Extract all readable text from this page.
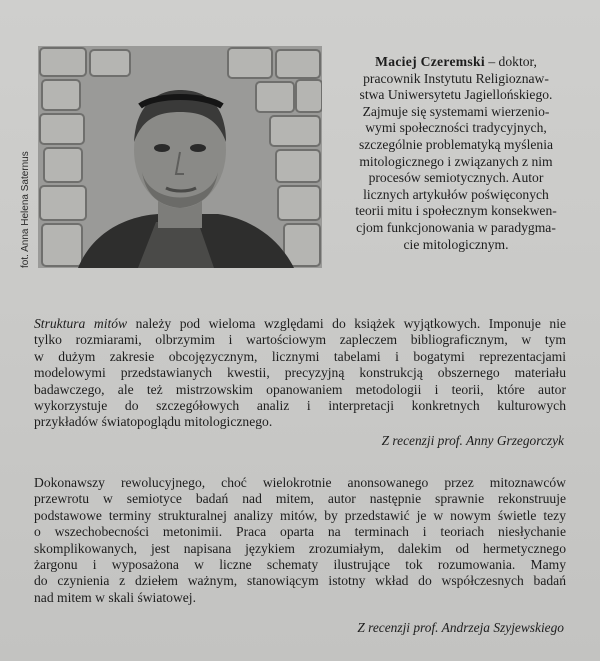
fot. Anna Helena Saternus
Maciej Czeremski – doktor,
pracownik Instytutu Religioznaw-
stwa Uniwersytetu Jagiellońskiego.
Zajmuje się systemami wierzenio-
wymi społeczności tradycyjnych,
szczególnie problematyką myślenia
mitologicznego i związanych z nim
procesów semiotycznych. Autor
licznych artykułów poświęconych
teorii mitu i społecznym konsekwen-
cjom funkcjonowania w paradygma-
cie mitologicznym.
Struktura mitów należy pod wieloma względami do książek wyjątkowych. Imponuje nie
tylko rozmiarami, olbrzymim i wartościowym zapleczem bibliograficznym, w tym
w dużym zakresie obcojęzycznym, licznymi tabelami i bogatymi reprezentacjami
modelowymi przedstawianych kwestii, precyzyjną konstrukcją obszernego materiału
badawczego, ale też mistrzowskim opanowaniem metodologii i teorii, które autor
wykorzystuje do szczegółowych analiz i interpretacji konkretnych kulturowych
przykładów światopoglądu mitologicznego.
Z recenzji prof. Anny Grzegorczyk
Dokonawszy rewolucyjnego, choć wielokrotnie anonsowanego przez mitoznawców
przewrotu w semiotyce badań nad mitem, autor następnie sprawnie rekonstruuje
podstawowe terminy strukturalnej analizy mitów, by przedstawić je w nowym świetle tezy
o wszechobecności metonimii. Praca oparta na terminach i teoriach niesłychanie
skomplikowanych, jest napisana językiem zrozumiałym, dalekim od hermetycznego
żargonu i wyposażona w liczne schematy ilustrujące tok rozumowania. Mamy
do czynienia z dziełem ważnym, stanowiącym istotny wkład do współczesnych badań
nad mitem w skali światowej.
Z recenzji prof. Andrzeja Szyjewskiego
